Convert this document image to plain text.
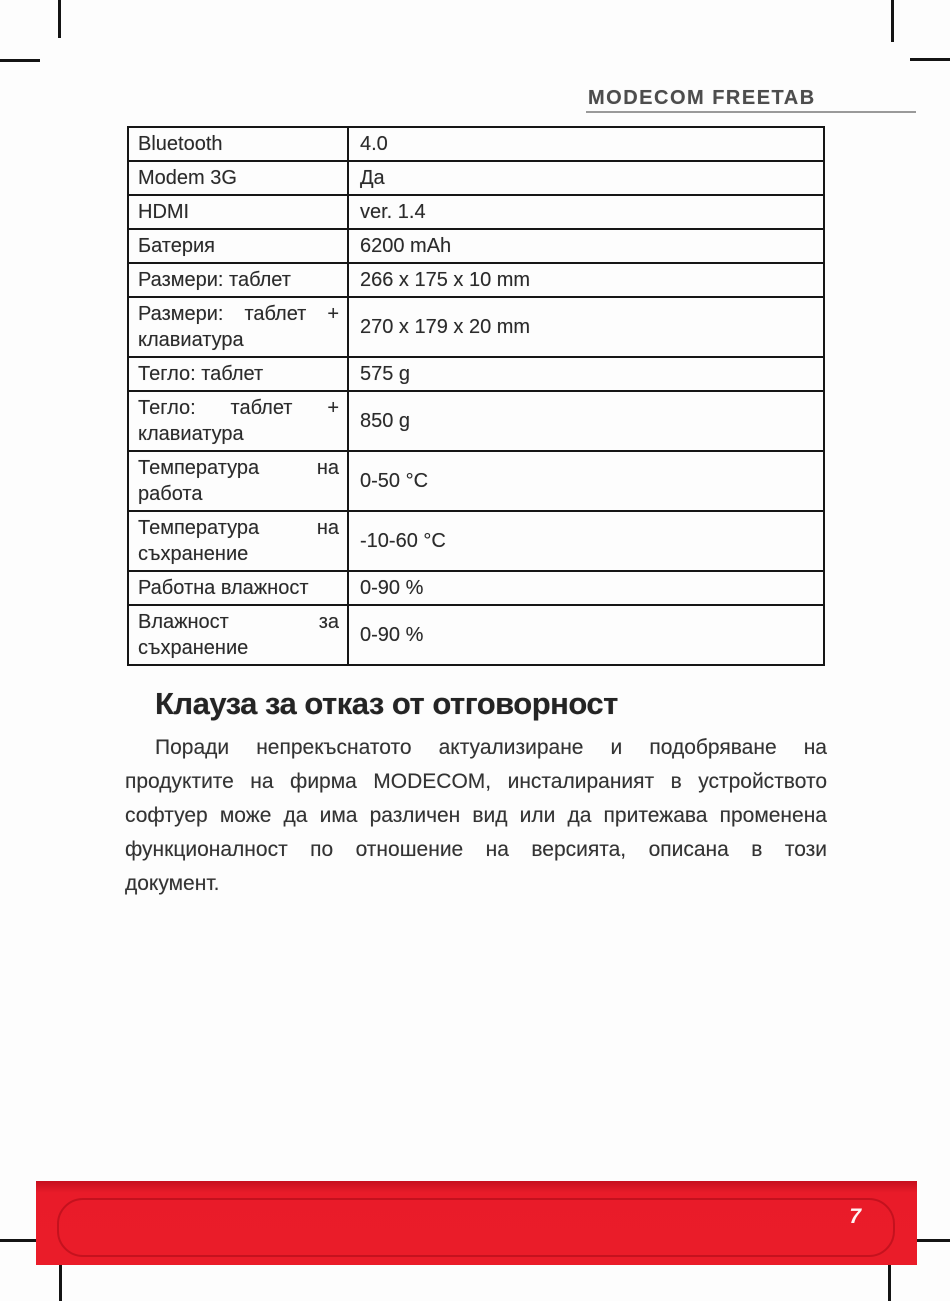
MODECOM FREETAB
Bluetooth	4.0
Modem 3G	Да
HDMI	ver. 1.4
Батерия	6200 mAh
Размери: таблет	266 x 175 x 10 mm
Размери: таблет + клавиатура	270 x 179 x 20 mm
Тегло: таблет	575 g
Тегло: таблет + клавиатура	850 g
Температура на работа	0-50 °C
Температура на съхранение	-10-60 °C
Работна влажност	0-90 %
Влажност за съхранение	0-90 %
Клауза за отказ от отговорност
Поради непрекъснатото актуализиране и подобряване на продуктите на фирма MODECOM, инсталираният в устройството софтуер може да има различен вид или да притежава променена функционалност по отношение на версията, описана в този документ.
7
